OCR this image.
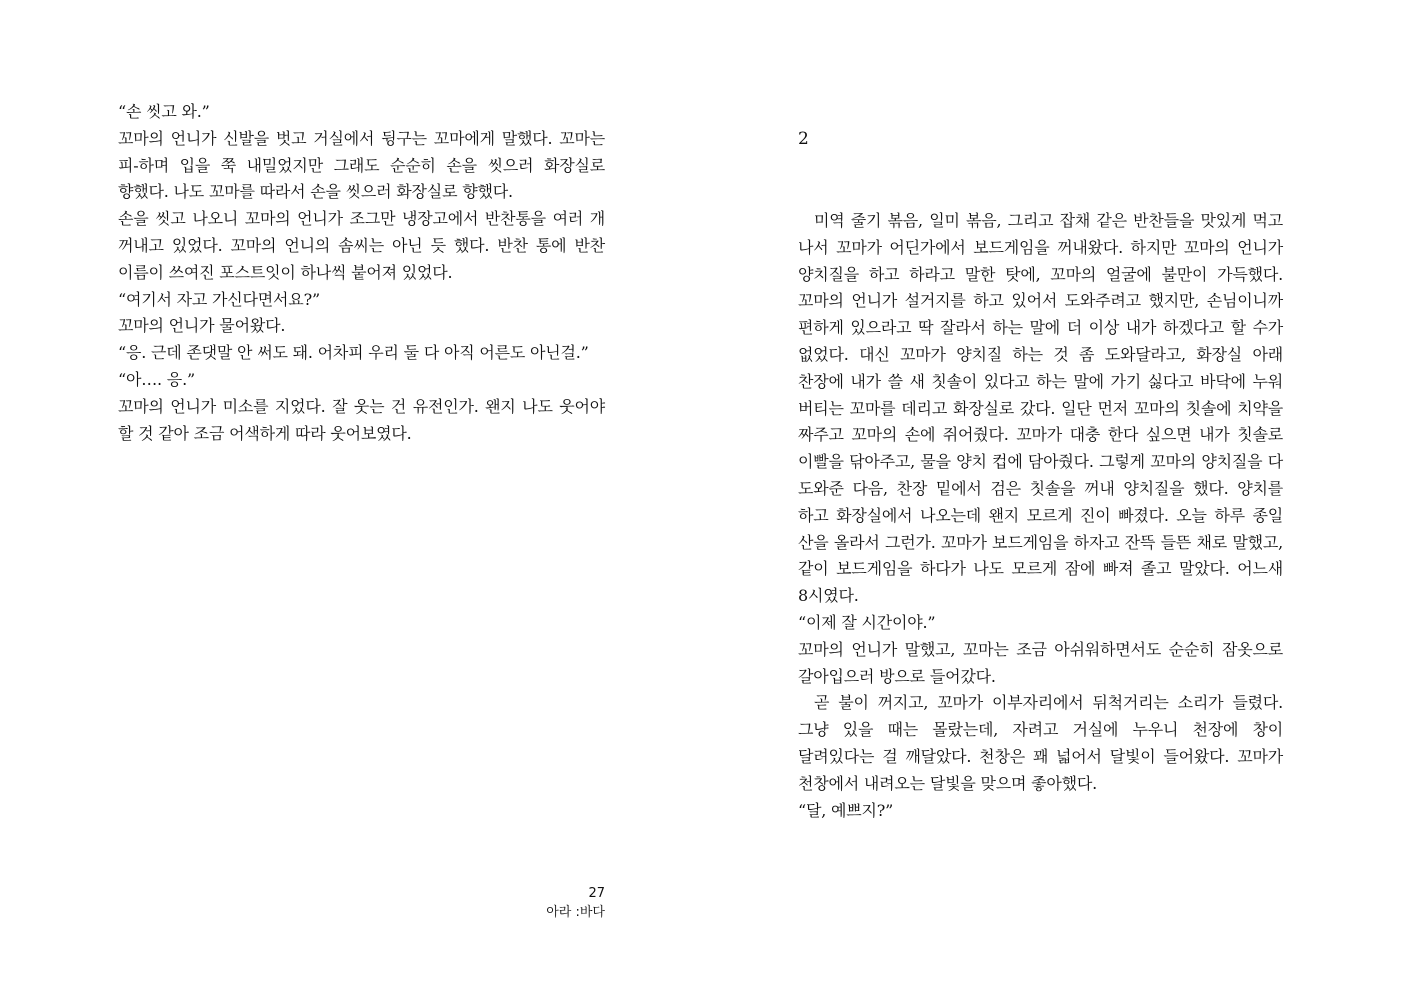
“손 씻고 와.”

꼬마의 언니가 신발을 벗고 거실에서 뒹구는 꼬마에게 말했다. 꼬마는 피-하며 입을 쭉 내밀었지만 그래도 순순히 손을 씻으러 화장실로 향했다. 나도 꼬마를 따라서 손을 씻으러 화장실로 향했다.

손을 씻고 나오니 꼬마의 언니가 조그만 냉장고에서 반찬통을 여러 개 꺼내고 있었다. 꼬마의 언니의 솜씨는 아닌 듯 했다. 반찬 통에 반찬 이름이 쓰여진 포스트잇이 하나씩 붙어져 있었다.

“여기서 자고 가신다면서요?”

꼬마의 언니가 물어왔다.

“응. 근데 존댓말 안 써도 돼. 어차피 우리 둘 다 아직 어른도 아닌걸.”

“아…. 응.”

꼬마의 언니가 미소를 지었다. 잘 웃는 건 유전인가. 왠지 나도 웃어야 할 것 같아 조금 어색하게 따라 웃어보였다.

27
아라 :바다
2

미역 줄기 볶음, 일미 볶음, 그리고 잡채 같은 반찬들을 맛있게 먹고 나서 꼬마가 어딘가에서 보드게임을 꺼내왔다. 하지만 꼬마의 언니가 양치질을 하고 하라고 말한 탓에, 꼬마의 얼굴에 불만이 가득했다. 꼬마의 언니가 설거지를 하고 있어서 도와주려고 했지만, 손님이니까 편하게 있으라고 딱 잘라서 하는 말에 더 이상 내가 하겠다고 할 수가 없었다. 대신 꼬마가 양치질 하는 것 좀 도와달라고, 화장실 아래 찬장에 내가 쓸 새 칫솔이 있다고 하는 말에 가기 싫다고 바닥에 누워 버티는 꼬마를 데리고 화장실로 갔다. 일단 먼저 꼬마의 칫솔에 치약을 짜주고 꼬마의 손에 쥐어줬다. 꼬마가 대충 한다 싶으면 내가 칫솔로 이빨을 닦아주고, 물을 양치 컵에 담아줬다. 그렇게 꼬마의 양치질을 다 도와준 다음, 찬장 밑에서 검은 칫솔을 꺼내 양치질을 했다. 양치를 하고 화장실에서 나오는데 왠지 모르게 진이 빠졌다. 오늘 하루 종일 산을 올라서 그런가. 꼬마가 보드게임을 하자고 잔뜩 들뜬 채로 말했고, 같이 보드게임을 하다가 나도 모르게 잠에 빠져 졸고 말았다. 어느새 8시였다.

“이제 잘 시간이야.”

꼬마의 언니가 말했고, 꼬마는 조금 아쉬워하면서도 순순히 잠옷으로 갈아입으러 방으로 들어갔다.

곧 불이 꺼지고, 꼬마가 이부자리에서 뒤척거리는 소리가 들렸다. 그냥 있을 때는 몰랐는데, 자려고 거실에 누우니 천장에 창이 달려있다는 걸 깨달았다. 천창은 꽤 넓어서 달빛이 들어왔다. 꼬마가 천창에서 내려오는 달빛을 맞으며 좋아했다.

“달, 예쁘지?”
